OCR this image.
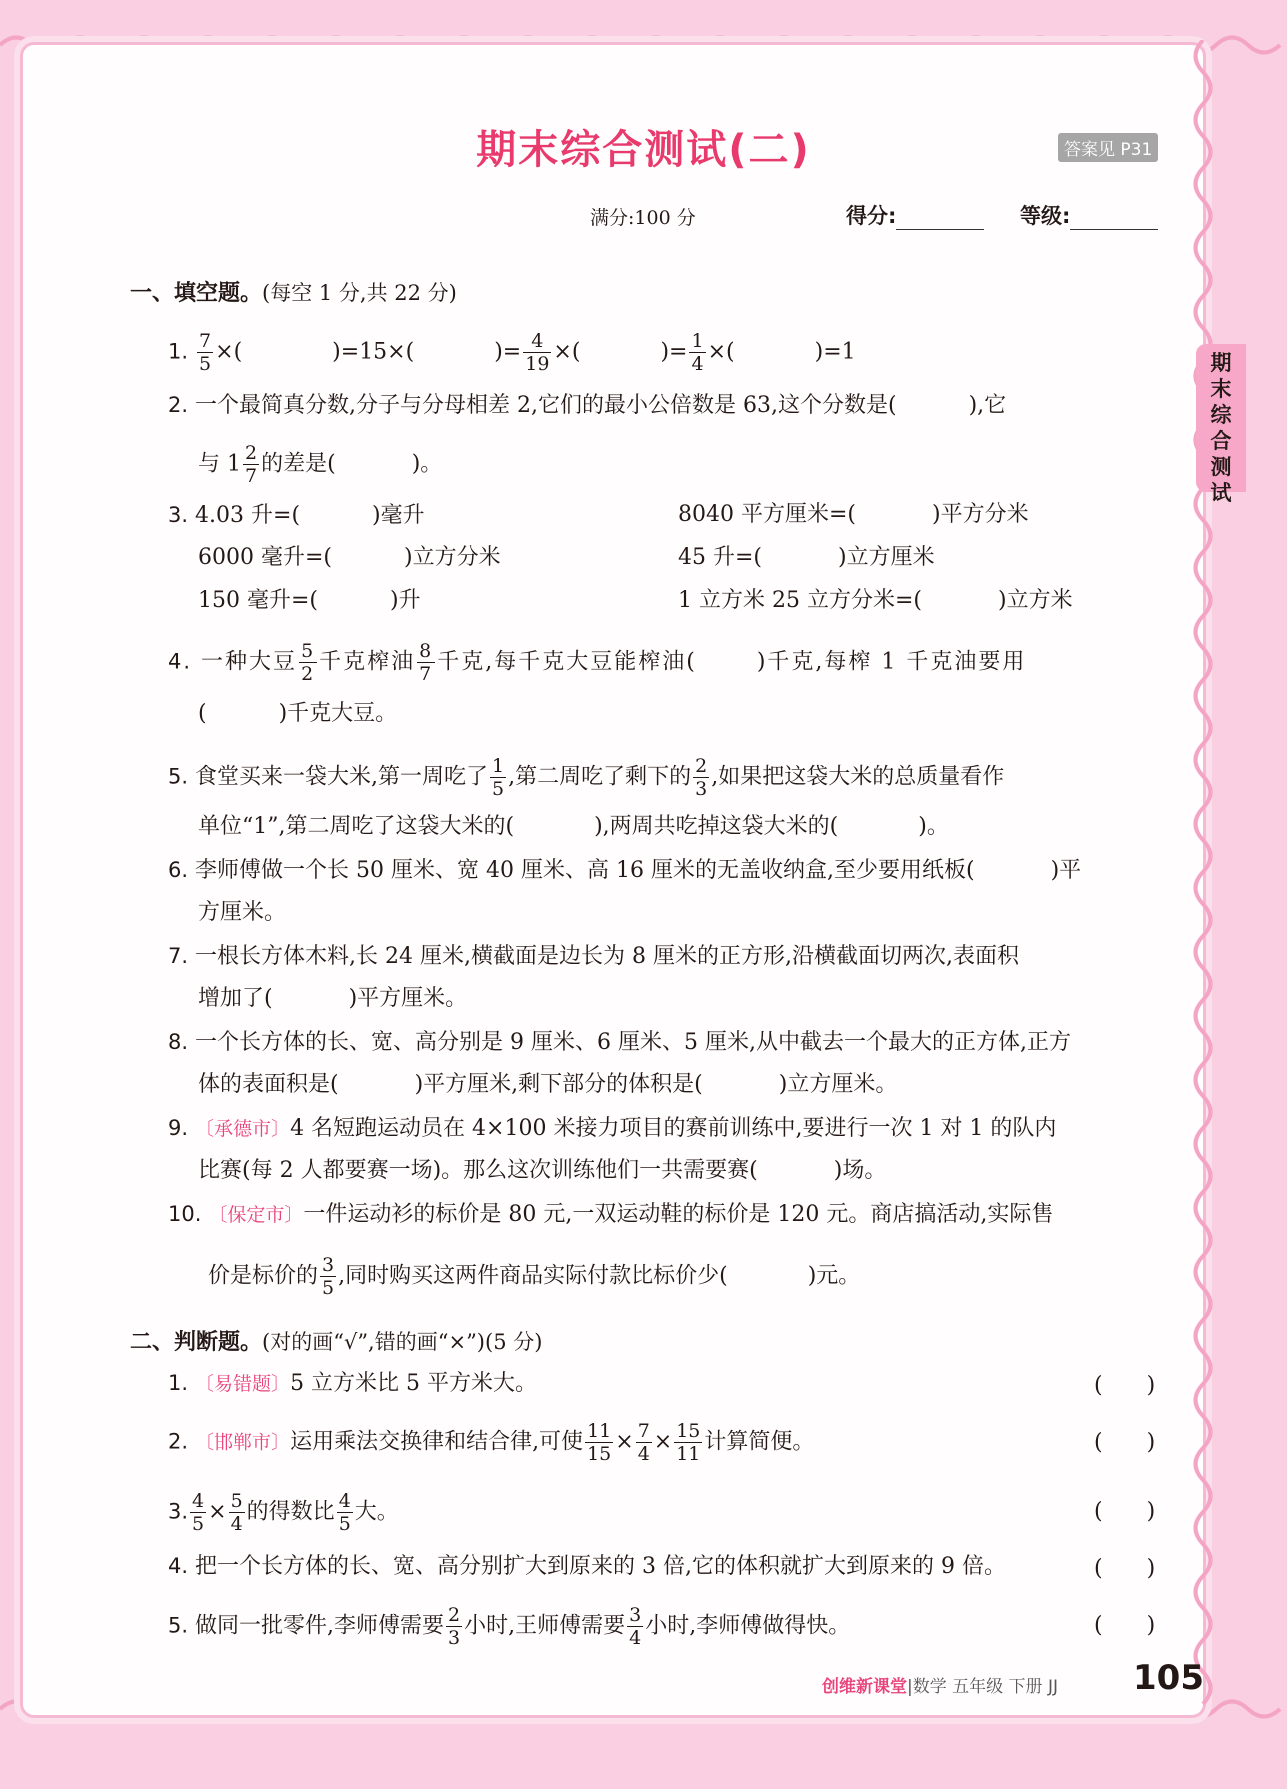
期末综合测试(二)	答案见 P31
满分:100 分	得分:	等级:
期
末
综
合
测
试
一、填空题。(每空 1 分,共 22 分)
1. $\frac{7}{5}$ ×(	)=15×(	)= $\frac{4}{19}$ ×(	)= $\frac{1}{4}$ ×(	)=1
2. 一个最简真分数,分子与分母相差 2,它们的最小公倍数是 63,这个分数是(	),它
与 $1 \frac{2}{7}$ 的差是(	)。
3. 4.03 升=(	)毫升	8040 平方厘米=(	)平方分米
6000 毫升=(	)立方分米	45 升=(	)立方厘米
150 毫升=(	)升	1 立方米 25 立方分米=(	)立方米
4. 一种大豆 $\frac{5}{2}$ 千克榨油 $\frac{8}{7}$ 千克,每千克大豆能榨油(	)千克,每榨 1 千克油要用
(	)千克大豆。
5. 食堂买来一袋大米,第一周吃了 $\frac{1}{5}$ ,第二周吃了剩下的 $\frac{2}{3}$ ,如果把这袋大米的总质量看作
单位“1”,第二周吃了这袋大米的(	),两周共吃掉这袋大米的(	)。
6. 李师傅做一个长 50 厘米、宽 40 厘米、高 16 厘米的无盖收纳盒,至少要用纸板(	)平
方厘米。
7. 一根长方体木料,长 24 厘米,横截面是边长为 8 厘米的正方形,沿横截面切两次,表面积
增加了(	)平方厘米。
8. 一个长方体的长、宽、高分别是 9 厘米、6 厘米、5 厘米,从中截去一个最大的正方体,正方
体的表面积是(	)平方厘米,剩下部分的体积是(	)立方厘米。
9. 〔承德市〕4 名短跑运动员在 4×100 米接力项目的赛前训练中,要进行一次 1 对 1 的队内
比赛(每 2 人都要赛一场)。那么这次训练他们一共需要赛(	)场。
10. 〔保定市〕一件运动衫的标价是 80 元,一双运动鞋的标价是 120 元。商店搞活动,实际售
价是标价的 $\frac{3}{5}$ ,同时购买这两件商品实际付款比标价少(	)元。
二、判断题。(对的画“√”,错的画“×”)(5 分)
1. 〔易错题〕5 立方米比 5 平方米大。	(　　)
2. 〔邯郸市〕运用乘法交换律和结合律,可使 $\frac{11}{15} \times \frac{7}{4} \times \frac{15}{11}$ 计算简便。	(　　)
3. $\frac{4}{5} \times \frac{5}{4}$ 的得数比 $\frac{4}{5}$ 大。	(　　)
4. 把一个长方体的长、宽、高分别扩大到原来的 3 倍,它的体积就扩大到原来的 9 倍。	(　　)
5. 做同一批零件,李师傅需要 $\frac{2}{3}$ 小时,王师傅需要 $\frac{3}{4}$ 小时,李师傅做得快。	(　　)
创维新课堂|数学 五年级 下册 JJ 105
